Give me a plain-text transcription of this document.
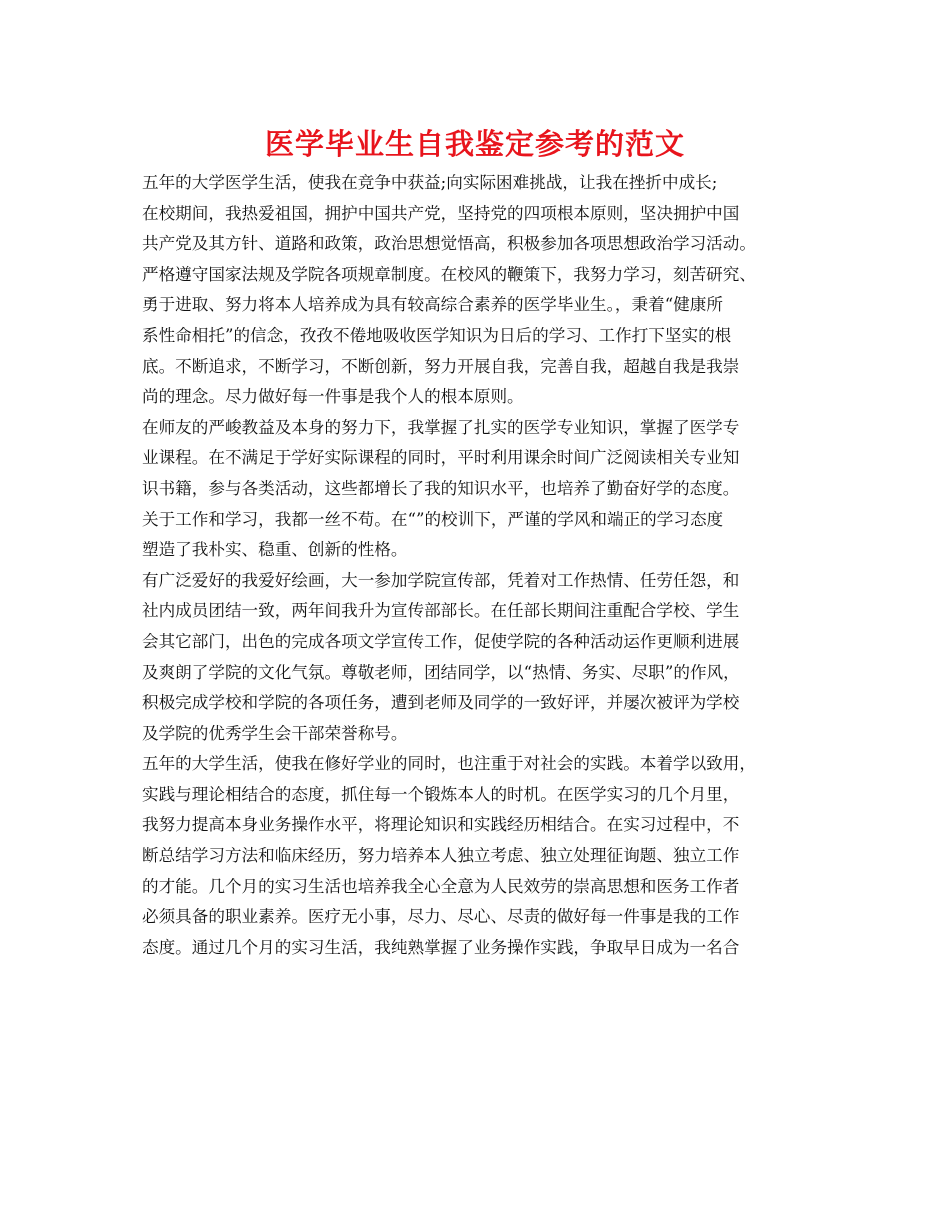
医学毕业生自我鉴定参考的范文
五年的大学医学生活，使我在竞争中获益;向实际困难挑战，让我在挫折中成长;
在校期间，我热爱祖国，拥护中国共产党，坚持党的四项根本原则，坚决拥护中国
共产党及其方针、道路和政策，政治思想觉悟高，积极参加各项思想政治学习活动。
严格遵守国家法规及学院各项规章制度。在校风的鞭策下，我努力学习，刻苦研究、
勇于进取、努力将本人培养成为具有较高综合素养的医学毕业生。，秉着“健康所
系性命相托”的信念，孜孜不倦地吸收医学知识为日后的学习、工作打下坚实的根
底。不断追求，不断学习，不断创新，努力开展自我，完善自我，超越自我是我崇
尚的理念。尽力做好每一件事是我个人的根本原则。
在师友的严峻教益及本身的努力下，我掌握了扎实的医学专业知识，掌握了医学专
业课程。在不满足于学好实际课程的同时，平时利用课余时间广泛阅读相关专业知
识书籍，参与各类活动，这些都增长了我的知识水平，也培养了勤奋好学的态度。
关于工作和学习，我都一丝不苟。在“”的校训下，严谨的学风和端正的学习态度
塑造了我朴实、稳重、创新的性格。
有广泛爱好的我爱好绘画，大一参加学院宣传部，凭着对工作热情、任劳任怨，和
社内成员团结一致，两年间我升为宣传部部长。在任部长期间注重配合学校、学生
会其它部门，出色的完成各项文学宣传工作，促使学院的各种活动运作更顺利进展
及爽朗了学院的文化气氛。尊敬老师，团结同学，以“热情、务实、尽职”的作风，
积极完成学校和学院的各项任务，遭到老师及同学的一致好评，并屡次被评为学校
及学院的优秀学生会干部荣誉称号。
五年的大学生活，使我在修好学业的同时，也注重于对社会的实践。本着学以致用，
实践与理论相结合的态度，抓住每一个锻炼本人的时机。在医学实习的几个月里，
我努力提高本身业务操作水平，将理论知识和实践经历相结合。在实习过程中，不
断总结学习方法和临床经历，努力培养本人独立考虑、独立处理征询题、独立工作
的才能。几个月的实习生活也培养我全心全意为人民效劳的崇高思想和医务工作者
必须具备的职业素养。医疗无小事，尽力、尽心、尽责的做好每一件事是我的工作
态度。通过几个月的实习生活，我纯熟掌握了业务操作实践，争取早日成为一名合
